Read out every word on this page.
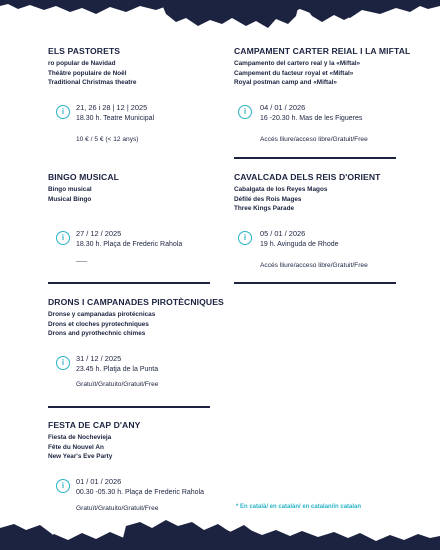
ELS PASTORETS
ro popular de Navidad
Théâtre populaire de Noël
Traditional Christmas theatre
i	21, 26 i 28 | 12 | 2025
18.30 h. Teatre Municipal
10 € / 5 € (< 12 anys)
BINGO MUSICAL
Bingo musical
Musical Bingo
i	27 / 12 / 2025
18.30 h. Plaça de Frederic Rahola
___
DRONS I CAMPANADES PIROTÈCNIQUES
Dronse y campanadas pirotécnicas
Drons et cloches pyrotechniques
Drons and pyrothechnic chimes
i	31 / 12 / 2025
23.45 h. Platja de la Punta
Gratuït/Gratuito/Gratuit/Free
FESTA DE CAP D'ANY
Fiesta de Nochevieja
Fête du Nouvel An
New Year's Eve Party
i	01 / 01 / 2026
00.30 -05.30 h. Plaça de Frederic Rahola
Gratuït/Gratuito/Gratuit/Free
CAMPAMENT CARTER REIAL I LA MIFTAL
Campamento del cartero real y la «Miftal»
Campement du facteur royal et «Miftal»
Royal postman camp and «Miftal»
i	04 / 01 / 2026
16 -20.30 h. Mas de les Figueres
Accés lliure/acceso libre/Gratuit/Free
CAVALCADA DELS REIS D'ORIENT
Cabalgata de los Reyes Magos
Défilé des Rois Mages
Three Kings Parade
i	05 / 01 / 2026
19 h. Avinguda de Rhode
Accés lliure/acceso libre/Gratuit/Free
* En català/ en catalán/ en catalan/in catalan
